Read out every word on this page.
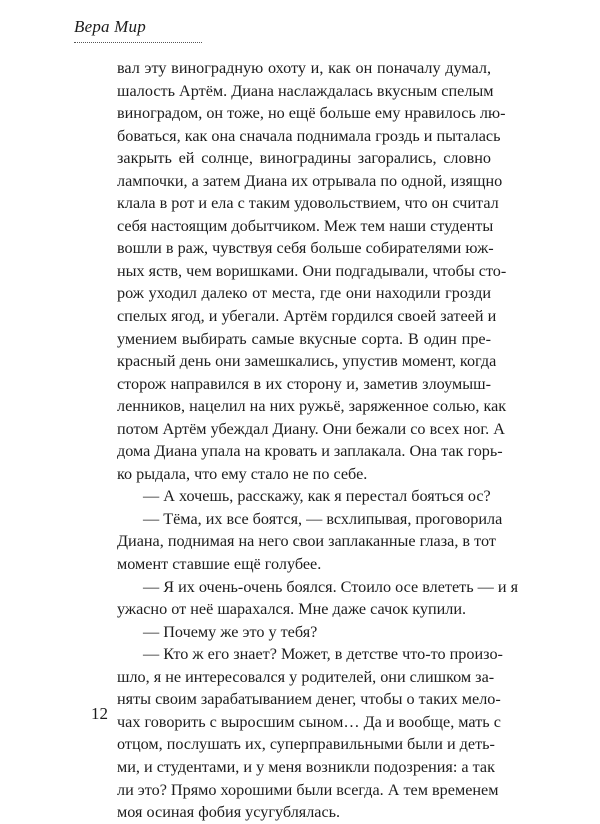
Вера Мир
вал эту виноградную охоту и, как он поначалу думал,
шалость Артём. Диана наслаждалась вкусным спелым
виноградом, он тоже, но ещё больше ему нравилось лю-
боваться, как она сначала поднимала гроздь и пыталась
закрыть ей солнце, виноградины загорались, словно
лампочки, а затем Диана их отрывала по одной, изящно
клала в рот и ела с таким удовольствием, что он считал
себя настоящим добытчиком. Меж тем наши студенты
вошли в раж, чувствуя себя больше собирателями юж-
ных яств, чем воришками. Они подгадывали, чтобы сто-
рож уходил далеко от места, где они находили грозди
спелых ягод, и убегали. Артём гордился своей затеей и
умением выбирать самые вкусные сорта. В один пре-
красный день они замешкались, упустив момент, когда
сторож направился в их сторону и, заметив злоумыш-
ленников, нацелил на них ружьё, заряженное солью, как
потом Артём убеждал Диану. Они бежали со всех ног. А
дома Диана упала на кровать и заплакала. Она так горь-
ко рыдала, что ему стало не по себе.
— А хочешь, расскажу, как я перестал бояться ос?
— Тёма, их все боятся, — всхлипывая, проговорила
Диана, поднимая на него свои заплаканные глаза, в тот
момент ставшие ещё голубее.
— Я их очень-очень боялся. Стоило осе влететь — и я
ужасно от неё шарахался. Мне даже сачок купили.
— Почему же это у тебя?
— Кто ж его знает? Может, в детстве что-то произо-
шло, я не интересовался у родителей, они слишком за-
няты своим зарабатыванием денег, чтобы о таких мело-
чах говорить с выросшим сыном… Да и вообще, мать с
отцом, послушать их, суперправильными были и деть-
ми, и студентами, и у меня возникли подозрения: а так
ли это? Прямо хорошими были всегда. А тем временем
моя осиная фобия усугублялась.
12
